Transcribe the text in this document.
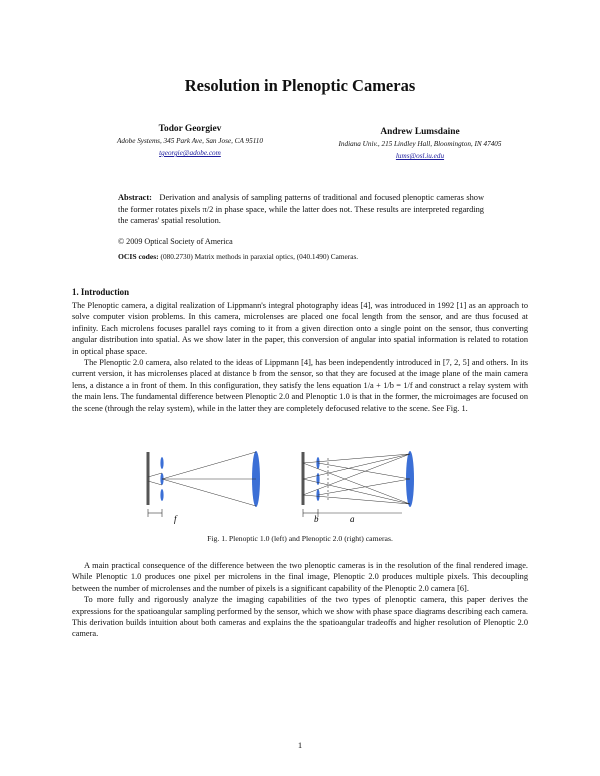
Resolution in Plenoptic Cameras
Todor Georgiev
Adobe Systems, 345 Park Ave, San Jose, CA 95110
tgeorgie@adobe.com
Andrew Lumsdaine
Indiana Univ., 215 Lindley Hall, Bloomington, IN 47405
lums@osl.iu.edu
Abstract: Derivation and analysis of sampling patterns of traditional and focused plenoptic cameras show the former rotates pixels π/2 in phase space, while the latter does not. These results are interpreted regarding the cameras' spatial resolution.
© 2009 Optical Society of America
OCIS codes: (080.2730) Matrix methods in paraxial optics, (040.1490) Cameras.
1. Introduction

The Plenoptic camera, a digital realization of Lippmann's integral photography ideas [4], was introduced in 1992 [1] as an approach to solve computer vision problems. In this camera, microlenses are placed one focal length from the sensor, and are thus focused at infinity. Each microlens focuses parallel rays coming to it from a given direction onto a single point on the sensor, thus converting angular distribution into spatial. As we show later in the paper, this conversion of angular into spatial information is related to rotation in optical phase space.

The Plenoptic 2.0 camera, also related to the ideas of Lippmann [4], has been independently introduced in [7, 2, 5] and others. In its current version, it has microlenses placed at distance b from the sensor, so that they are focused at the image plane of the main camera lens, a distance a in front of them. In this configuration, they satisfy the lens equation 1/a + 1/b = 1/f and construct a relay system with the main lens. The fundamental difference between Plenoptic 2.0 and Plenoptic 1.0 is that in the former, the microimages are focused on the scene (through the relay system), while in the latter they are completely defocused relative to the scene. See Fig. 1.

f	b	a
Fig. 1. Plenoptic 1.0 (left) and Plenoptic 2.0 (right) cameras.

A main practical consequence of the difference between the two plenoptic cameras is in the resolution of the final rendered image. While Plenoptic 1.0 produces one pixel per microlens in the final image, Plenoptic 2.0 produces multiple pixels. This decoupling between the number of microlenses and the number of pixels is a significant capability of the Plenoptic 2.0 camera [6].

To more fully and rigorously analyze the imaging capabilities of the two types of plenoptic camera, this paper derives the expressions for the spatioangular sampling performed by the sensor, which we show with phase space diagrams describing each camera. This derivation builds intuition about both cameras and explains the the spatioangular tradeoffs and higher resolution of Plenoptic 2.0 camera.

1
